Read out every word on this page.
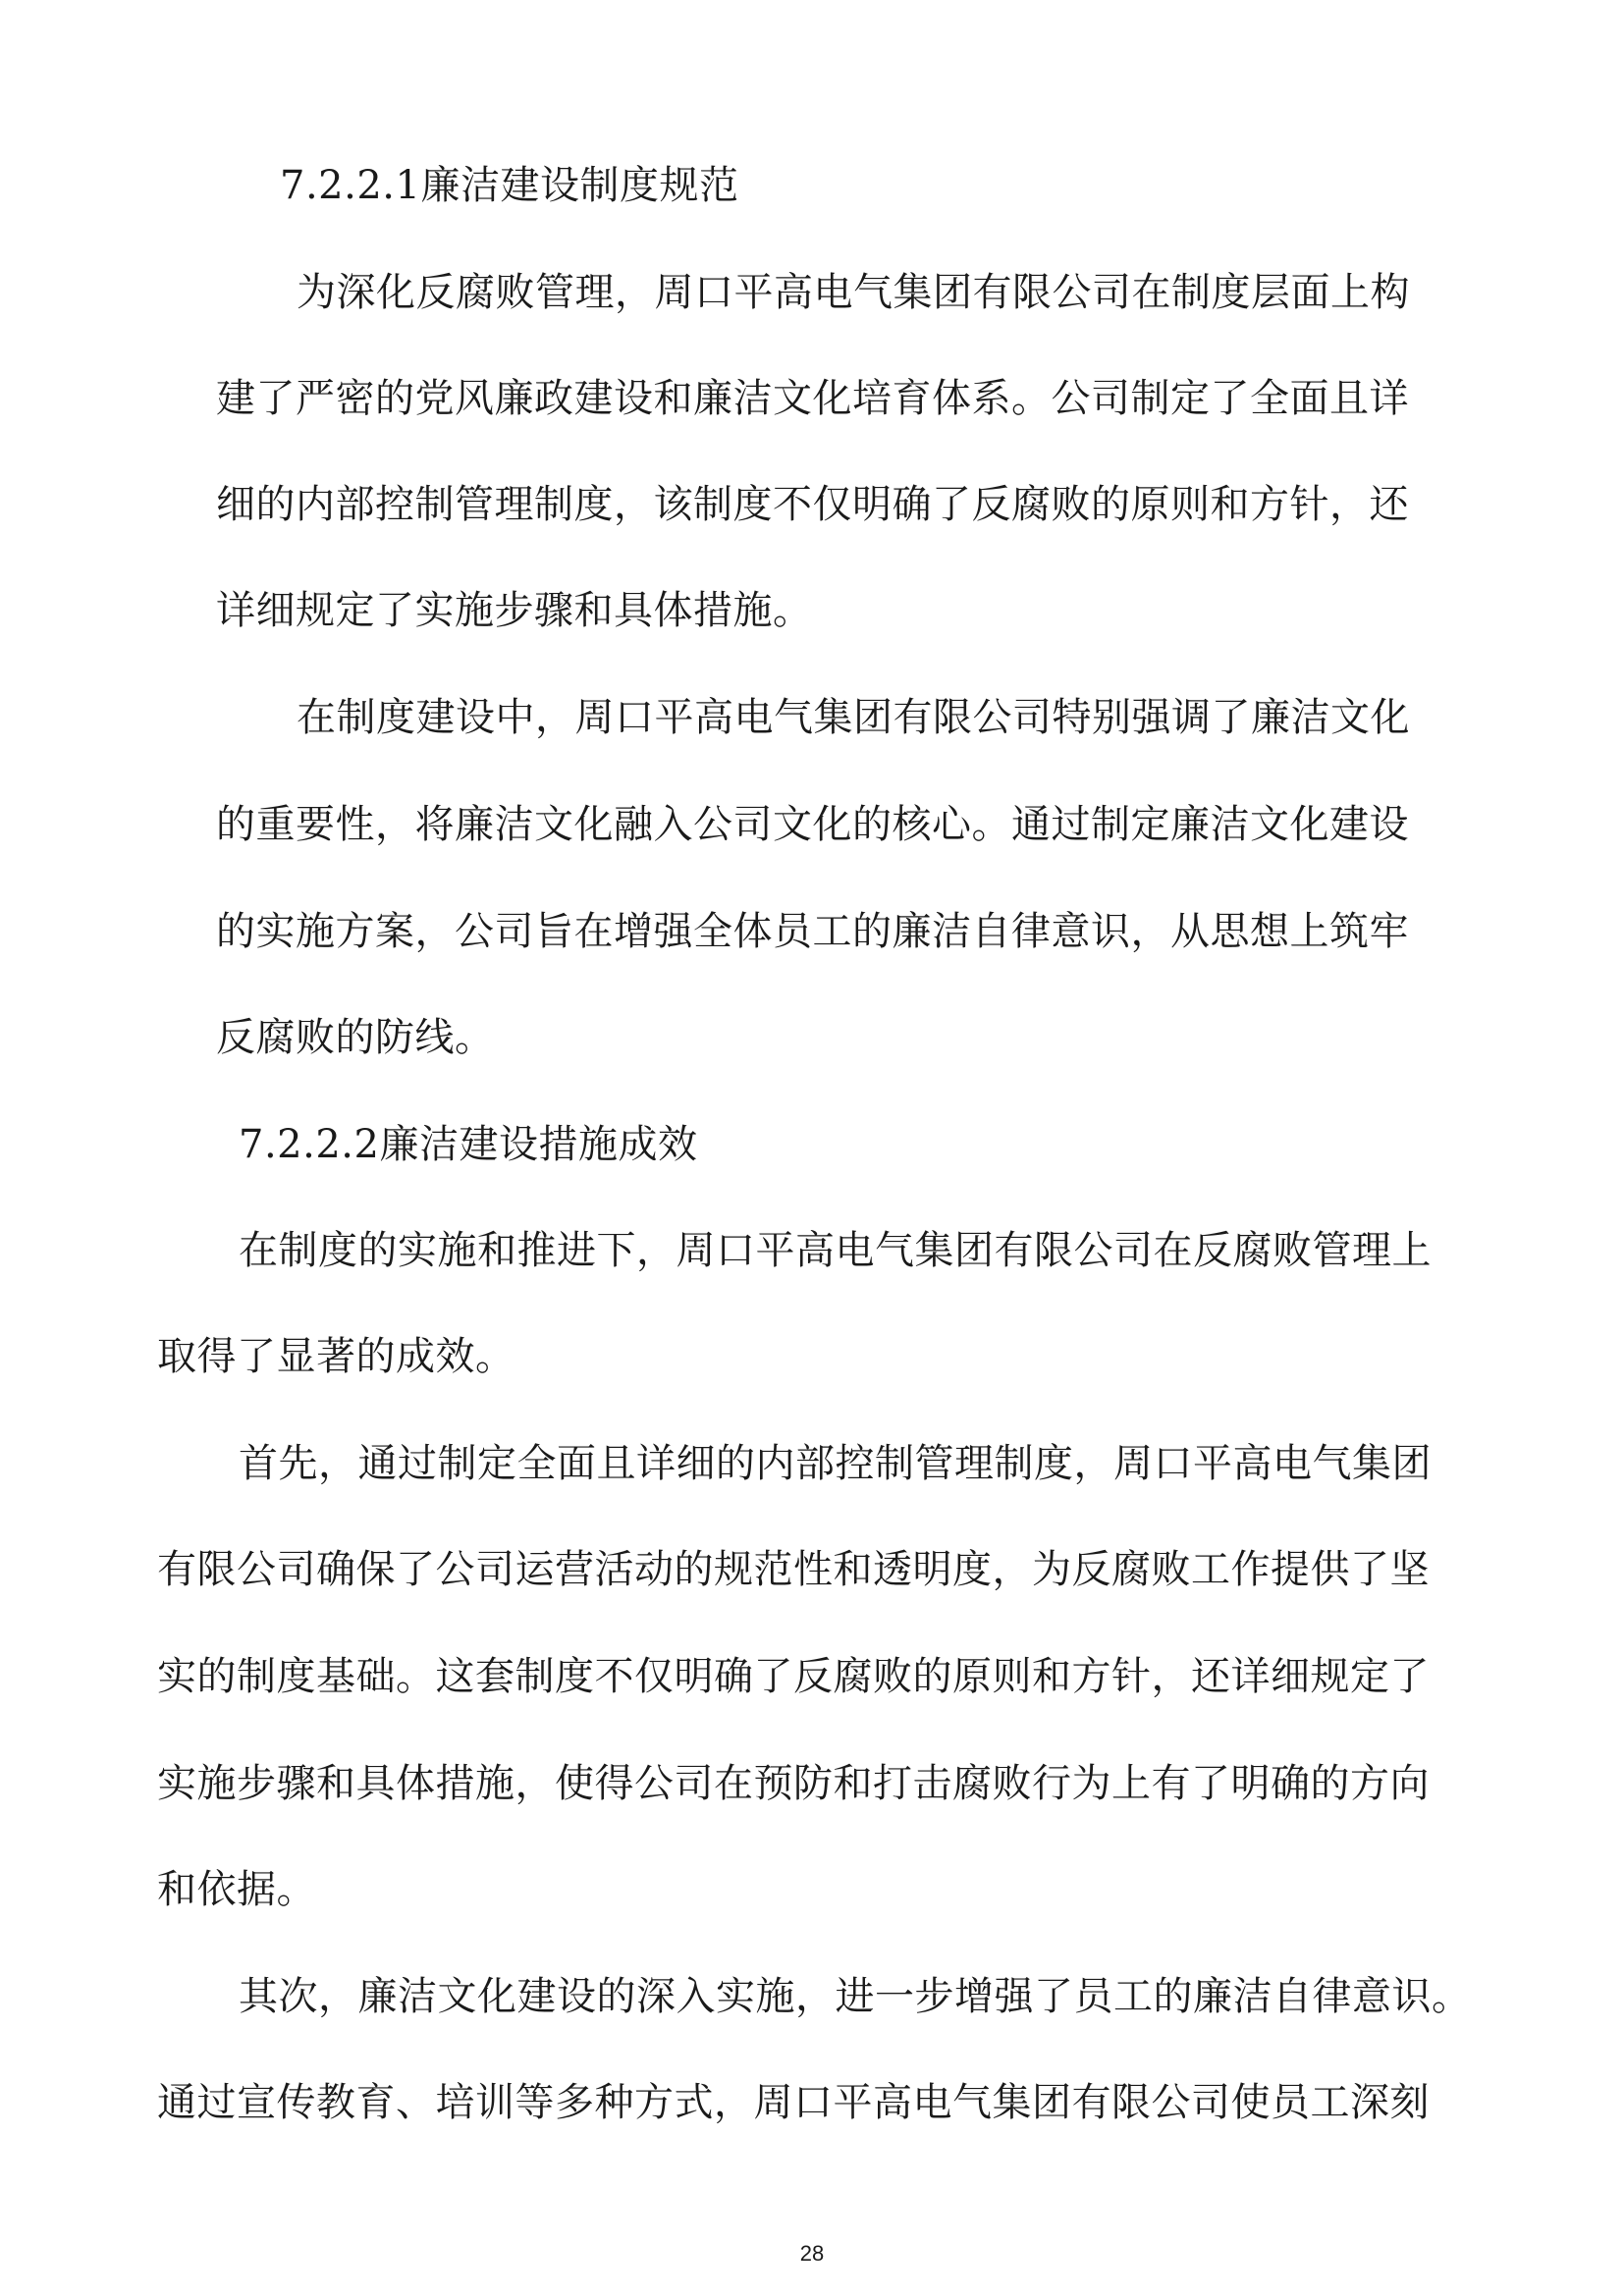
7.2.2.1廉洁建设制度规范
为深化反腐败管理，周口平高电气集团有限公司在制度层面上构
建了严密的党风廉政建设和廉洁文化培育体系。公司制定了全面且详
细的内部控制管理制度，该制度不仅明确了反腐败的原则和方针，还
详细规定了实施步骤和具体措施。
在制度建设中，周口平高电气集团有限公司特别强调了廉洁文化
的重要性，将廉洁文化融入公司文化的核心。通过制定廉洁文化建设
的实施方案，公司旨在增强全体员工的廉洁自律意识，从思想上筑牢
反腐败的防线。
7.2.2.2廉洁建设措施成效
在制度的实施和推进下，周口平高电气集团有限公司在反腐败管理上
取得了显著的成效。
首先，通过制定全面且详细的内部控制管理制度，周口平高电气集团
有限公司确保了公司运营活动的规范性和透明度，为反腐败工作提供了坚
实的制度基础。这套制度不仅明确了反腐败的原则和方针，还详细规定了
实施步骤和具体措施，使得公司在预防和打击腐败行为上有了明确的方向
和依据。
其次，廉洁文化建设的深入实施，进一步增强了员工的廉洁自律意识。
通过宣传教育、培训等多种方式，周口平高电气集团有限公司使员工深刻
28
